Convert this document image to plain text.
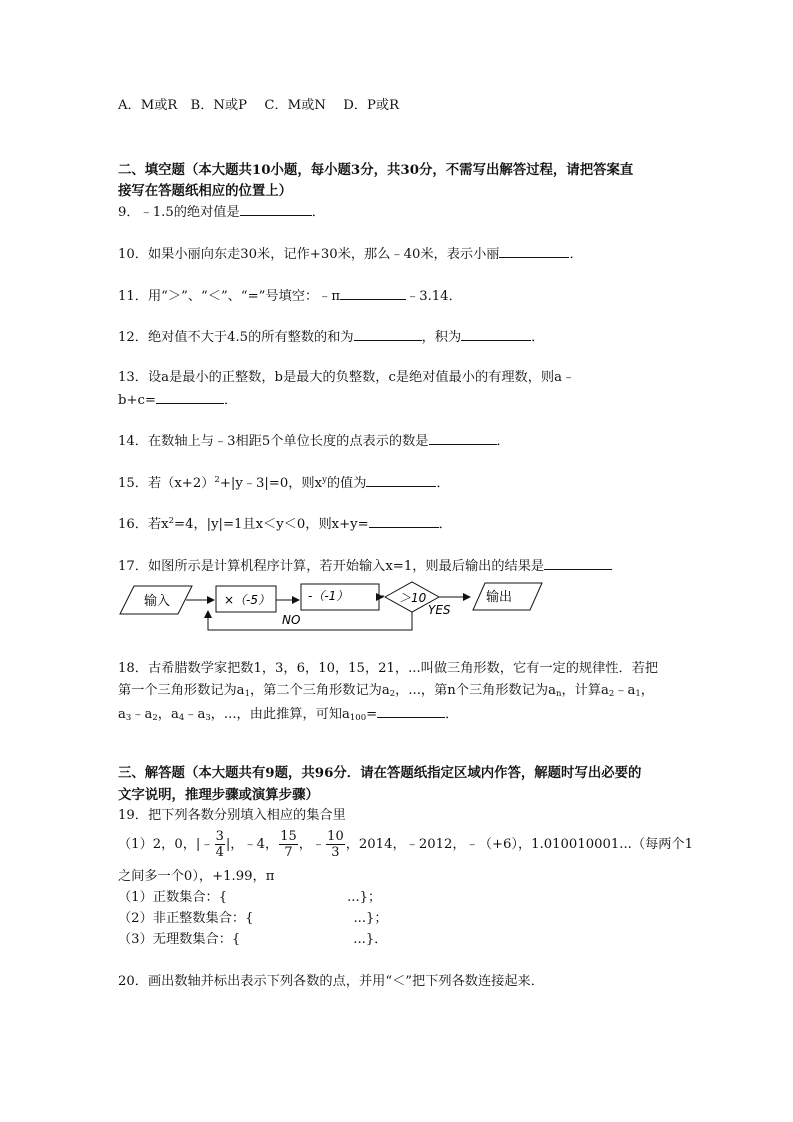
A．M或R　B．N或P　 C．M或N　 D．P或R
二、填空题（本大题共10小题，每小题3分，共30分，不需写出解答过程，请把答案直
接写在答题纸相应的位置上）
9．﹣1.5的绝对值是	．
10．如果小丽向东走30米，记作+30米，那么﹣40米，表示小丽	．
11．用“＞”、“＜”、“=”号填空：﹣π	﹣3.14．
12．绝对值不大于4.5的所有整数的和为	，积为	．
13．设a是最小的正整数，b是最大的负整数，c是绝对值最小的有理数，则a﹣
b+c=	．
14．在数轴上与﹣3相距5个单位长度的点表示的数是	．
15．若$(x+2)^2+|y﹣3|=0$，则$x^y$的值为	．
16．若$x^2=4$，|y|=1且x＜y＜0，则x+y=	．
17．如图所示是计算机程序计算，若开始输入x=1，则最后输出的结果是
输入	×（-5）	-（-1）	＞10
YES
输出
NO
18．古希腊数学家把数1，3，6，10，15，21，...叫做三角形数，它有一定的规律性．若把
第一个三角形数记为$a_1$，第二个三角形数记为$a_2$，...，第n个三角形数记为$a_n$，计算$a_2﹣a_1$，
$a_3﹣a_2$，$a_4﹣a_3$，...，由此推算，可知$a_{100}=$	．
三、解答题（本大题共有9题，共96分．请在答题纸指定区域内作答，解题时写出必要的
文字说明，推理步骤或演算步骤）
19．把下列各数分别填入相应的集合里
（1）2，0，|﹣ $\frac{3}{4}$ |，﹣4， $\frac{15}{7}$ ，﹣ $\frac{10}{3}$ ，2014，﹣2012，﹣（+6），1.010010001...（每两个1
之间多一个0），+1.99，π
（1）正数集合：{	...}；
（2）非正整数集合：{	...}；
（3）无理数集合：{	...}．
20．画出数轴并标出表示下列各数的点，并用“＜”把下列各数连接起来．
